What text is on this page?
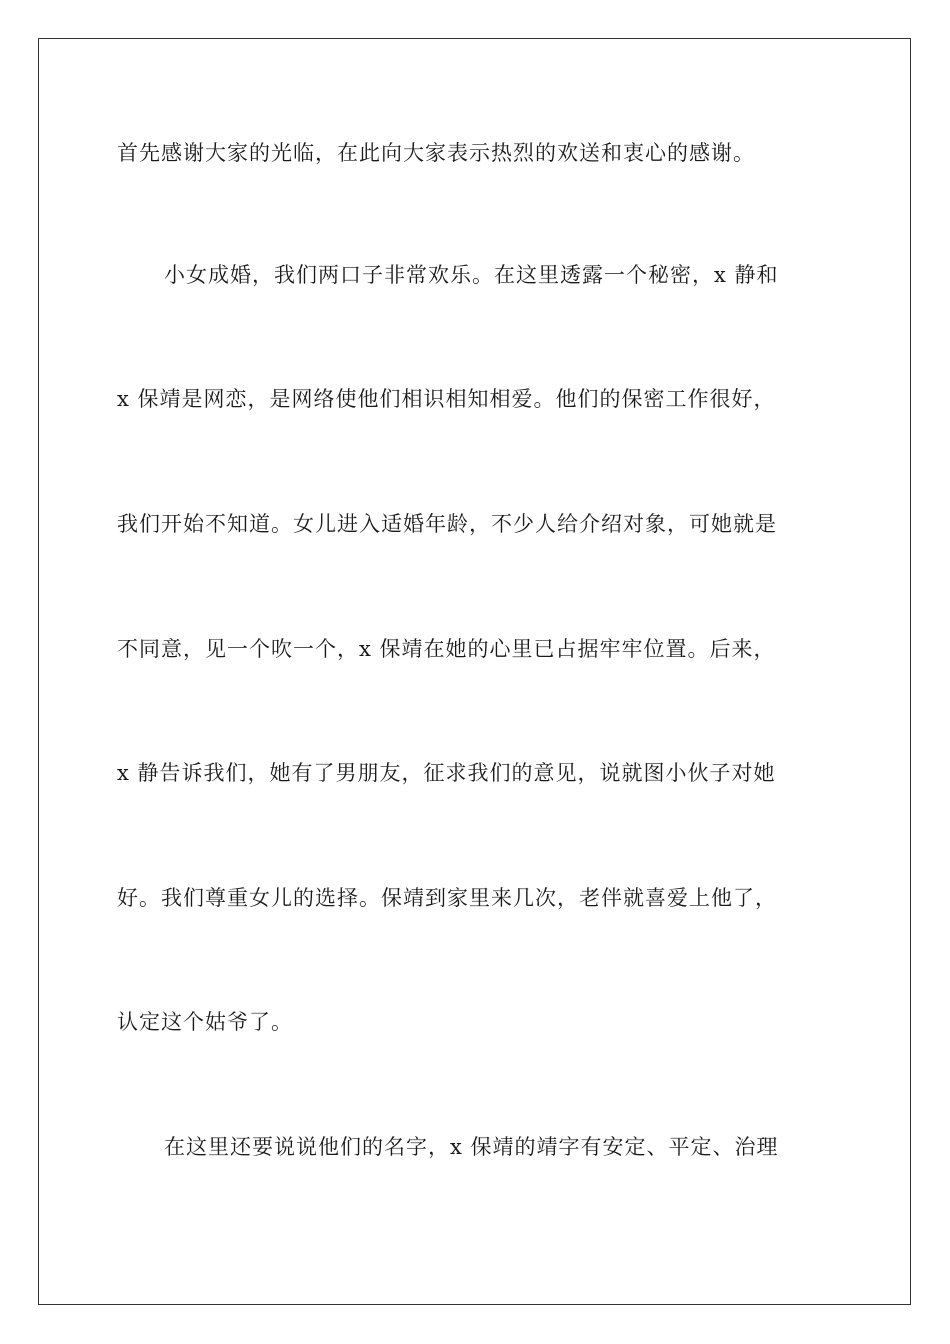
首先感谢大家的光临，在此向大家表示热烈的欢送和衷心的感谢。
小女成婚，我们两口子非常欢乐。在这里透露一个秘密，x 静和
x 保靖是网恋，是网络使他们相识相知相爱。他们的保密工作很好，
我们开始不知道。女儿进入适婚年龄，不少人给介绍对象，可她就是
不同意，见一个吹一个，x 保靖在她的心里已占据牢牢位置。后来，
x 静告诉我们，她有了男朋友，征求我们的意见，说就图小伙子对她
好。我们尊重女儿的选择。保靖到家里来几次，老伴就喜爱上他了，
认定这个姑爷了。
在这里还要说说他们的名字，x 保靖的靖字有安定、平定、治理
